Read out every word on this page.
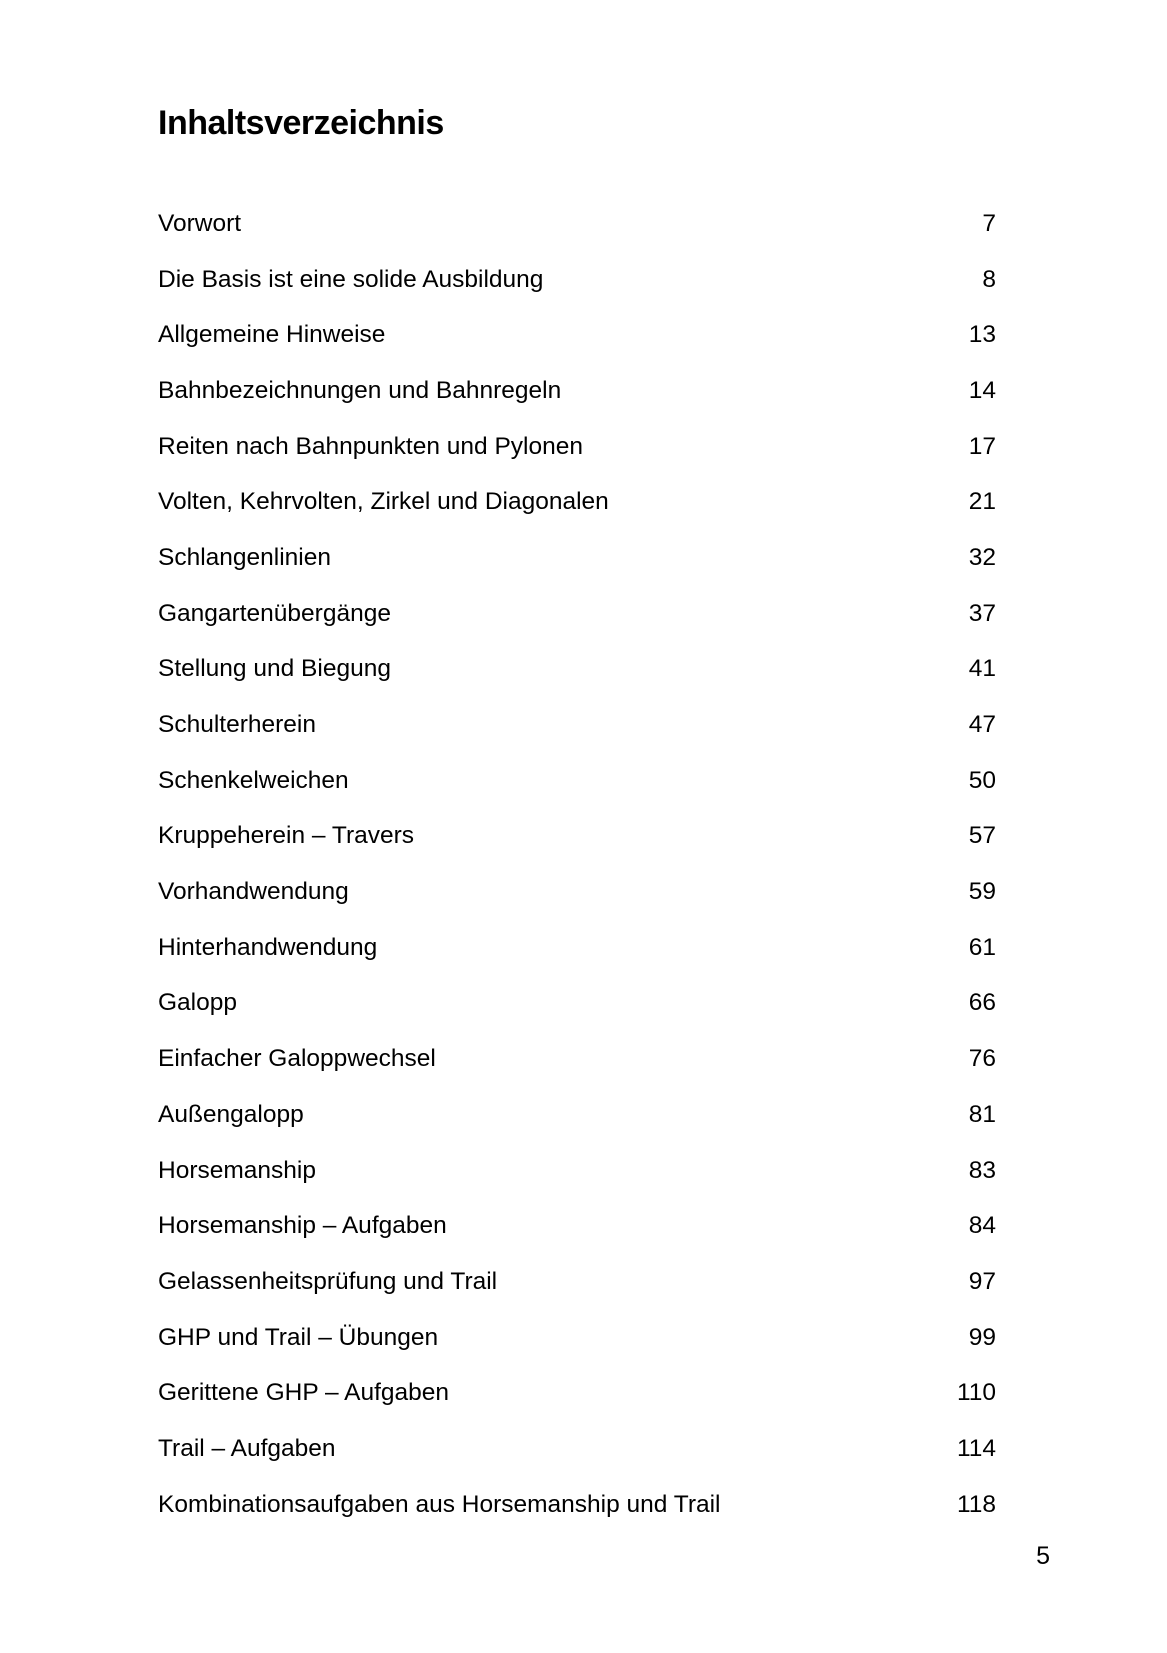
Inhaltsverzeichnis
Vorwort	7
Die Basis ist eine solide Ausbildung	8
Allgemeine Hinweise	13
Bahnbezeichnungen und Bahnregeln	14
Reiten nach Bahnpunkten und Pylonen	17
Volten, Kehrvolten, Zirkel und Diagonalen	21
Schlangenlinien	32
Gangartenübergänge	37
Stellung und Biegung	41
Schulterherein	47
Schenkelweichen	50
Kruppeherein – Travers	57
Vorhandwendung	59
Hinterhandwendung	61
Galopp	66
Einfacher Galoppwechsel	76
Außengalopp	81
Horsemanship	83
Horsemanship – Aufgaben	84
Gelassenheitsprüfung und Trail	97
GHP und Trail – Übungen	99
Gerittene GHP – Aufgaben	110
Trail – Aufgaben	114
Kombinationsaufgaben aus Horsemanship und Trail	118
5
